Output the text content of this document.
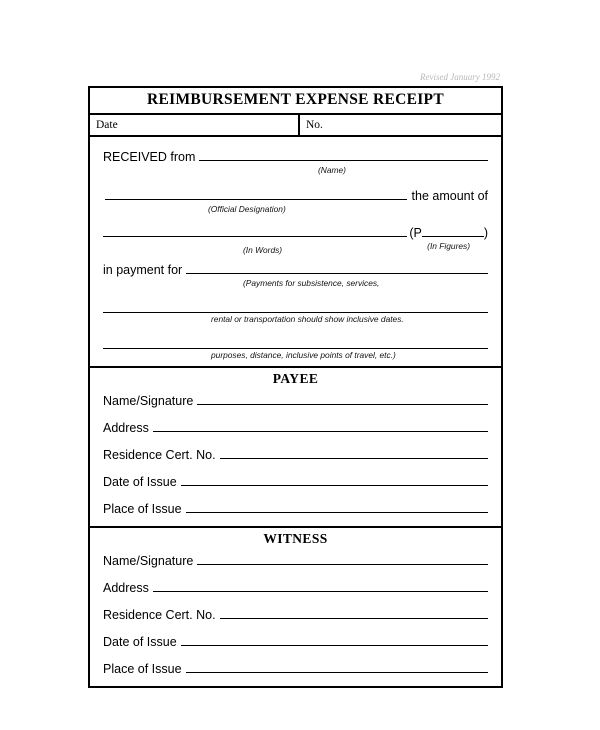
Revised January 1992
REIMBURSEMENT EXPENSE RECEIPT
Date	No.
RECEIVED from
(Name)
the amount of
(Official Designation)
(P	)
(In Words)	(In Figures)
in payment for
(Payments for subsistence, services,
rental or transportation should show inclusive dates.
purposes, distance, inclusive points of travel, etc.)
PAYEE
Name/Signature
Address
Residence Cert. No.
Date of Issue
Place of Issue
WITNESS
Name/Signature
Address
Residence Cert. No.
Date of Issue
Place of Issue
